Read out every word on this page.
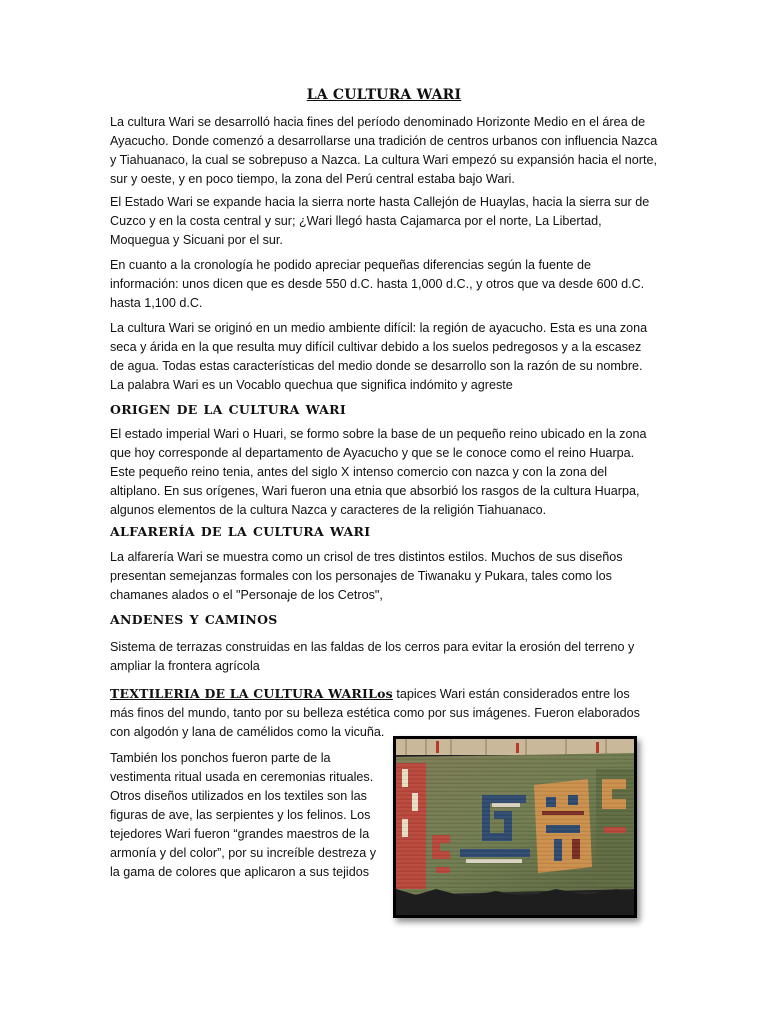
LA CULTURA WARI

La cultura Wari se desarrolló hacia fines del período denominado Horizonte Medio en el área de Ayacucho. Donde comenzó a desarrollarse una tradición de centros urbanos con influencia Nazca y Tiahuanaco, la cual se sobrepuso a Nazca. La cultura Wari empezó su expansión hacia el norte, sur y oeste, y en poco tiempo, la zona del Perú central estaba bajo Wari.

El Estado Wari se expande hacia la sierra norte hasta Callejón de Huaylas, hacia la sierra sur de Cuzco y en la costa central y sur; ¿Wari llegó hasta Cajamarca por el norte, La Libertad, Moquegua y Sicuani por el sur.

En cuanto a la cronología he podido apreciar pequeñas diferencias según la fuente de información: unos dicen que es desde 550 d.C. hasta 1,000 d.C., y otros que va desde 600 d.C. hasta 1,100 d.C.

La cultura Wari se originó en un medio ambiente difícil: la región de ayacucho. Esta es una zona seca y árida en la que resulta muy difícil cultivar debido a los suelos pedregosos y a la escasez de agua. Todas estas características del medio donde se desarrollo son la razón de su nombre. La palabra Wari es un Vocablo quechua que significa indómito y agreste

ORIGEN DE LA CULTURA WARI

El estado imperial Wari o Huari, se formo sobre la base de un pequeño reino ubicado en la zona que hoy corresponde al departamento de Ayacucho y que se le conoce como el reino Huarpa. Este pequeño reino tenia, antes del siglo X intenso comercio con nazca y con la zona del altiplano. En sus orígenes, Wari fueron una etnia que absorbió los rasgos de la cultura Huarpa, algunos elementos de la cultura Nazca y caracteres de la religión Tiahuanaco.

ALFARERÍA DE LA CULTURA WARI

La alfarería Wari se muestra como un crisol de tres distintos estilos. Muchos de sus diseños presentan semejanzas formales con los personajes de Tiwanaku y Pukara, tales como los chamanes alados o el "Personaje de los Cetros",

ANDENES Y CAMINOS

Sistema de terrazas construidas en las faldas de los cerros para evitar la erosión del terreno y ampliar la frontera agrícola

TEXTILERIA DE LA CULTURA WARILos tapices Wari están considerados entre los más finos del mundo, tanto por su belleza estética como por sus imágenes. Fueron elaborados con algodón y lana de camélidos como la vicuña.

También los ponchos fueron parte de la vestimenta ritual usada en ceremonias rituales. Otros diseños utilizados en los textiles son las figuras de ave, las serpientes y los felinos. Los tejedores Wari fueron “grandes maestros de la armonía y del color”, por su increíble destreza y la gama de colores que aplicaron a sus tejidos
